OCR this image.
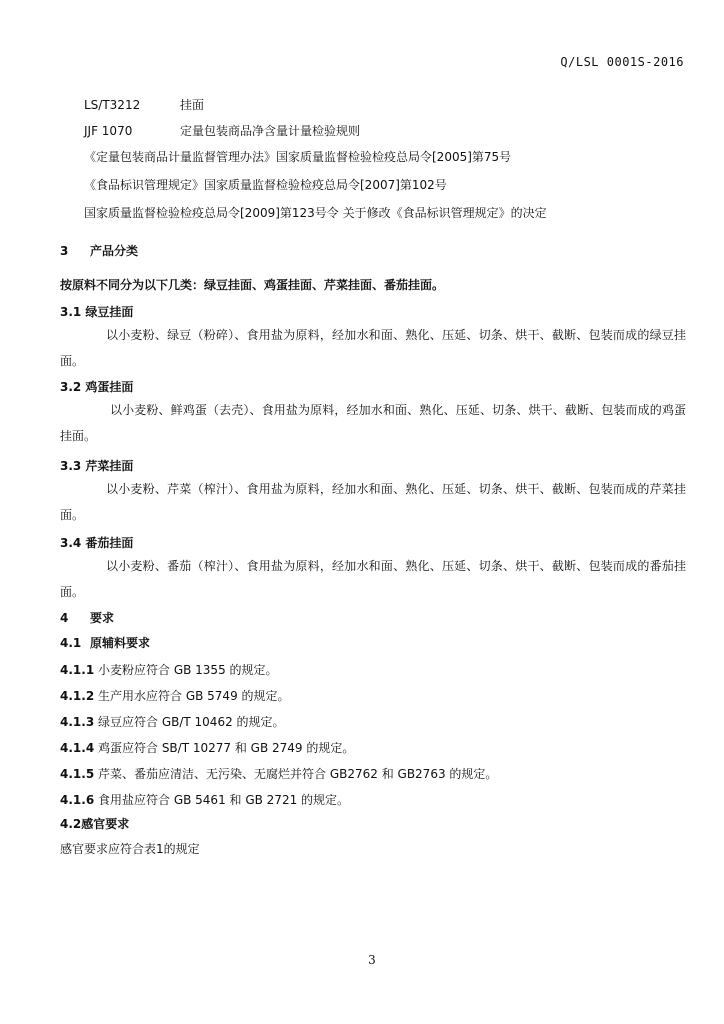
Q/LSL 0001S-2016
LS/T3212	挂面
JJF 1070	定量包装商品净含量计量检验规则
《定量包装商品计量监督管理办法》国家质量监督检验检疫总局令[2005]第75号
《食品标识管理规定》国家质量监督检验检疫总局令[2007]第102号
国家质量监督检验检疫总局令[2009]第123号令 关于修改《食品标识管理规定》的决定
3 产品分类
按原料不同分为以下几类：绿豆挂面、鸡蛋挂面、芹菜挂面、番茄挂面。
3.1 绿豆挂面
以小麦粉、绿豆（粉碎）、食用盐为原料，经加水和面、熟化、压延、切条、烘干、截断、包装而成的绿豆挂面。
3.2 鸡蛋挂面
以小麦粉、鲜鸡蛋（去壳）、食用盐为原料，经加水和面、熟化、压延、切条、烘干、截断、包装而成的鸡蛋挂面。
3.3 芹菜挂面
以小麦粉、芹菜（榨汁）、食用盐为原料，经加水和面、熟化、压延、切条、烘干、截断、包装而成的芹菜挂面。
3.4 番茄挂面
以小麦粉、番茄（榨汁）、食用盐为原料，经加水和面、熟化、压延、切条、烘干、截断、包装而成的番茄挂面。
4 要求
4.1 原辅料要求
4.1.1 小麦粉应符合 GB 1355 的规定。
4.1.2 生产用水应符合 GB 5749 的规定。
4.1.3 绿豆应符合 GB/T 10462 的规定。
4.1.4 鸡蛋应符合 SB/T 10277 和 GB 2749 的规定。
4.1.5 芹菜、番茄应清洁、无污染、无腐烂并符合 GB2762 和 GB2763 的规定。
4.1.6 食用盐应符合 GB 5461 和 GB 2721 的规定。
4.2感官要求
感官要求应符合表1的规定
3
